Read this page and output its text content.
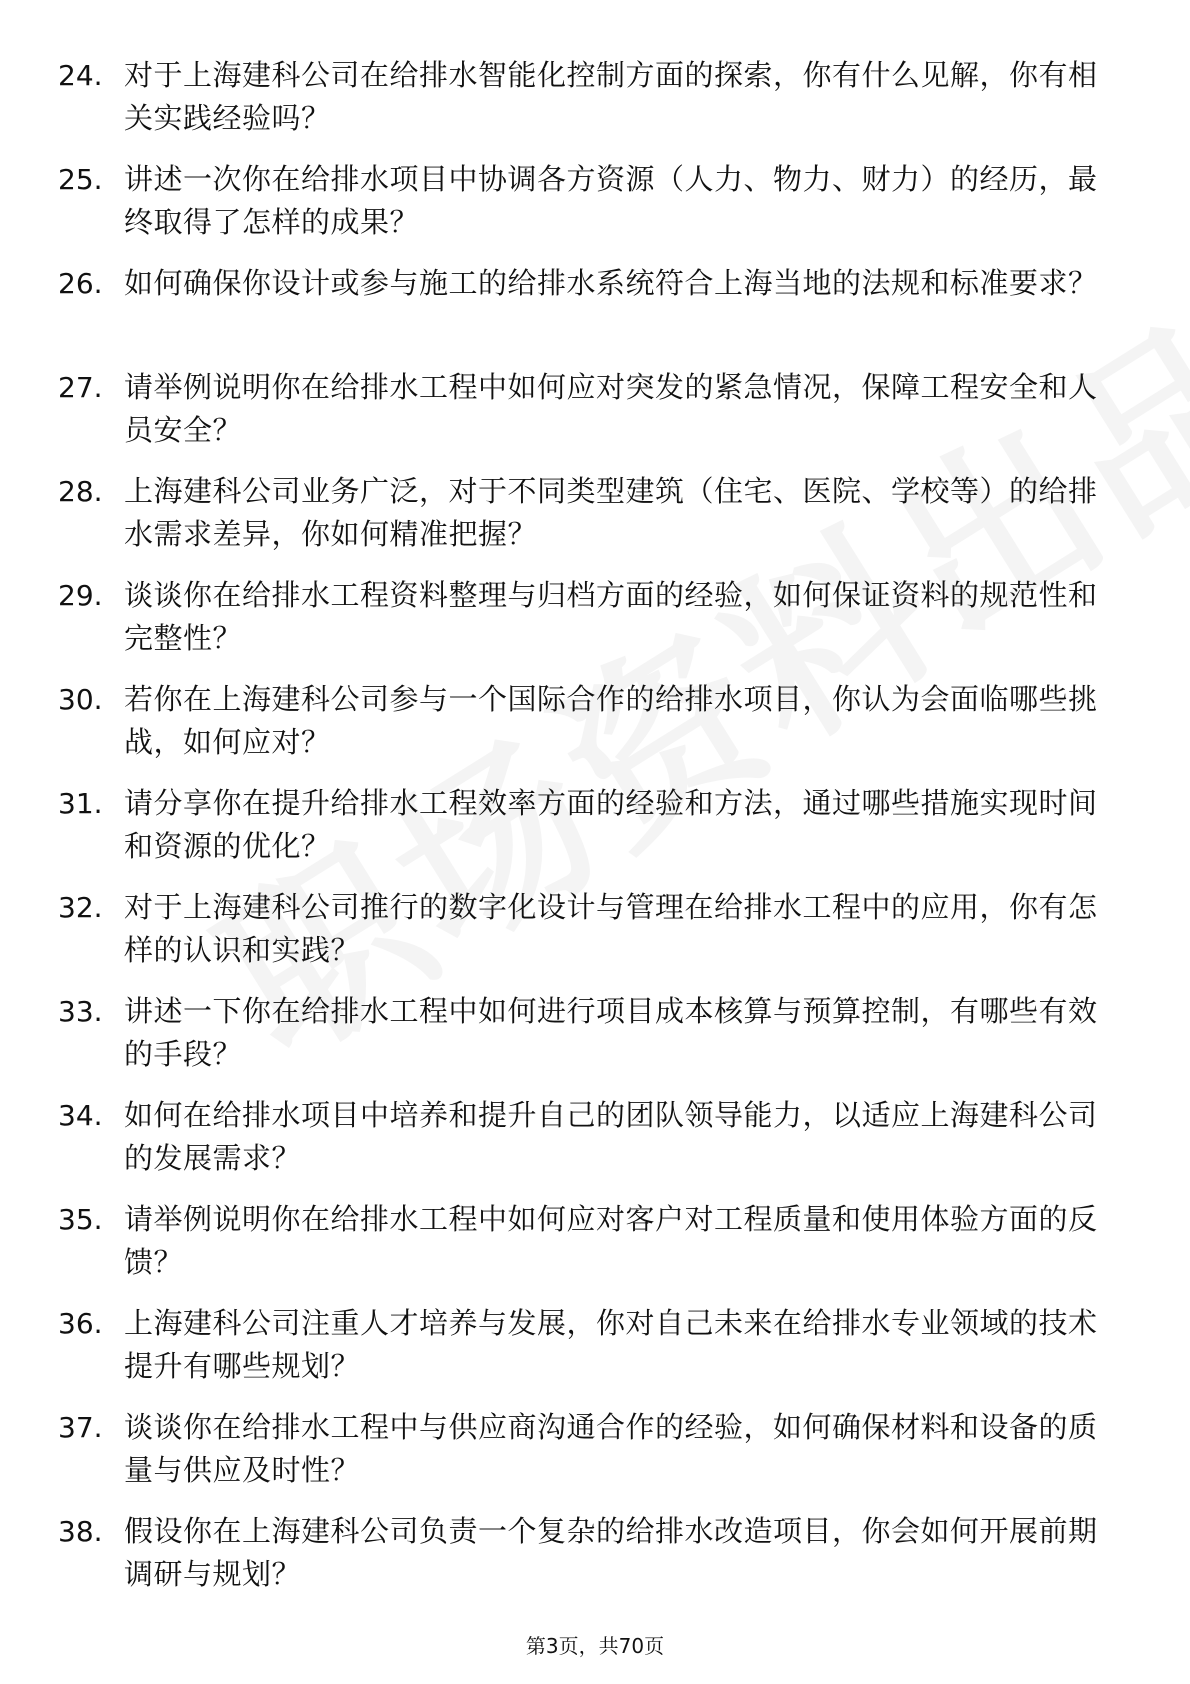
24. 对于上海建科公司在给排水智能化控制方面的探索，你有什么见解，你有相关实践经验吗？
25. 讲述一次你在给排水项目中协调各方资源（人力、物力、财力）的经历，最终取得了怎样的成果？
26. 如何确保你设计或参与施工的给排水系统符合上海当地的法规和标准要求？
27. 请举例说明你在给排水工程中如何应对突发的紧急情况，保障工程安全和人员安全？
28. 上海建科公司业务广泛，对于不同类型建筑（住宅、医院、学校等）的给排水需求差异，你如何精准把握？
29. 谈谈你在给排水工程资料整理与归档方面的经验，如何保证资料的规范性和完整性？
30. 若你在上海建科公司参与一个国际合作的给排水项目，你认为会面临哪些挑战，如何应对？
31. 请分享你在提升给排水工程效率方面的经验和方法，通过哪些措施实现时间和资源的优化？
32. 对于上海建科公司推行的数字化设计与管理在给排水工程中的应用，你有怎样的认识和实践？
33. 讲述一下你在给排水工程中如何进行项目成本核算与预算控制，有哪些有效的手段？
34. 如何在给排水项目中培养和提升自己的团队领导能力，以适应上海建科公司的发展需求？
35. 请举例说明你在给排水工程中如何应对客户对工程质量和使用体验方面的反馈？
36. 上海建科公司注重人才培养与发展，你对自己未来在给排水专业领域的技术提升有哪些规划？
37. 谈谈你在给排水工程中与供应商沟通合作的经验，如何确保材料和设备的质量与供应及时性？
38. 假设你在上海建科公司负责一个复杂的给排水改造项目，你会如何开展前期调研与规划？
第3页，共70页
